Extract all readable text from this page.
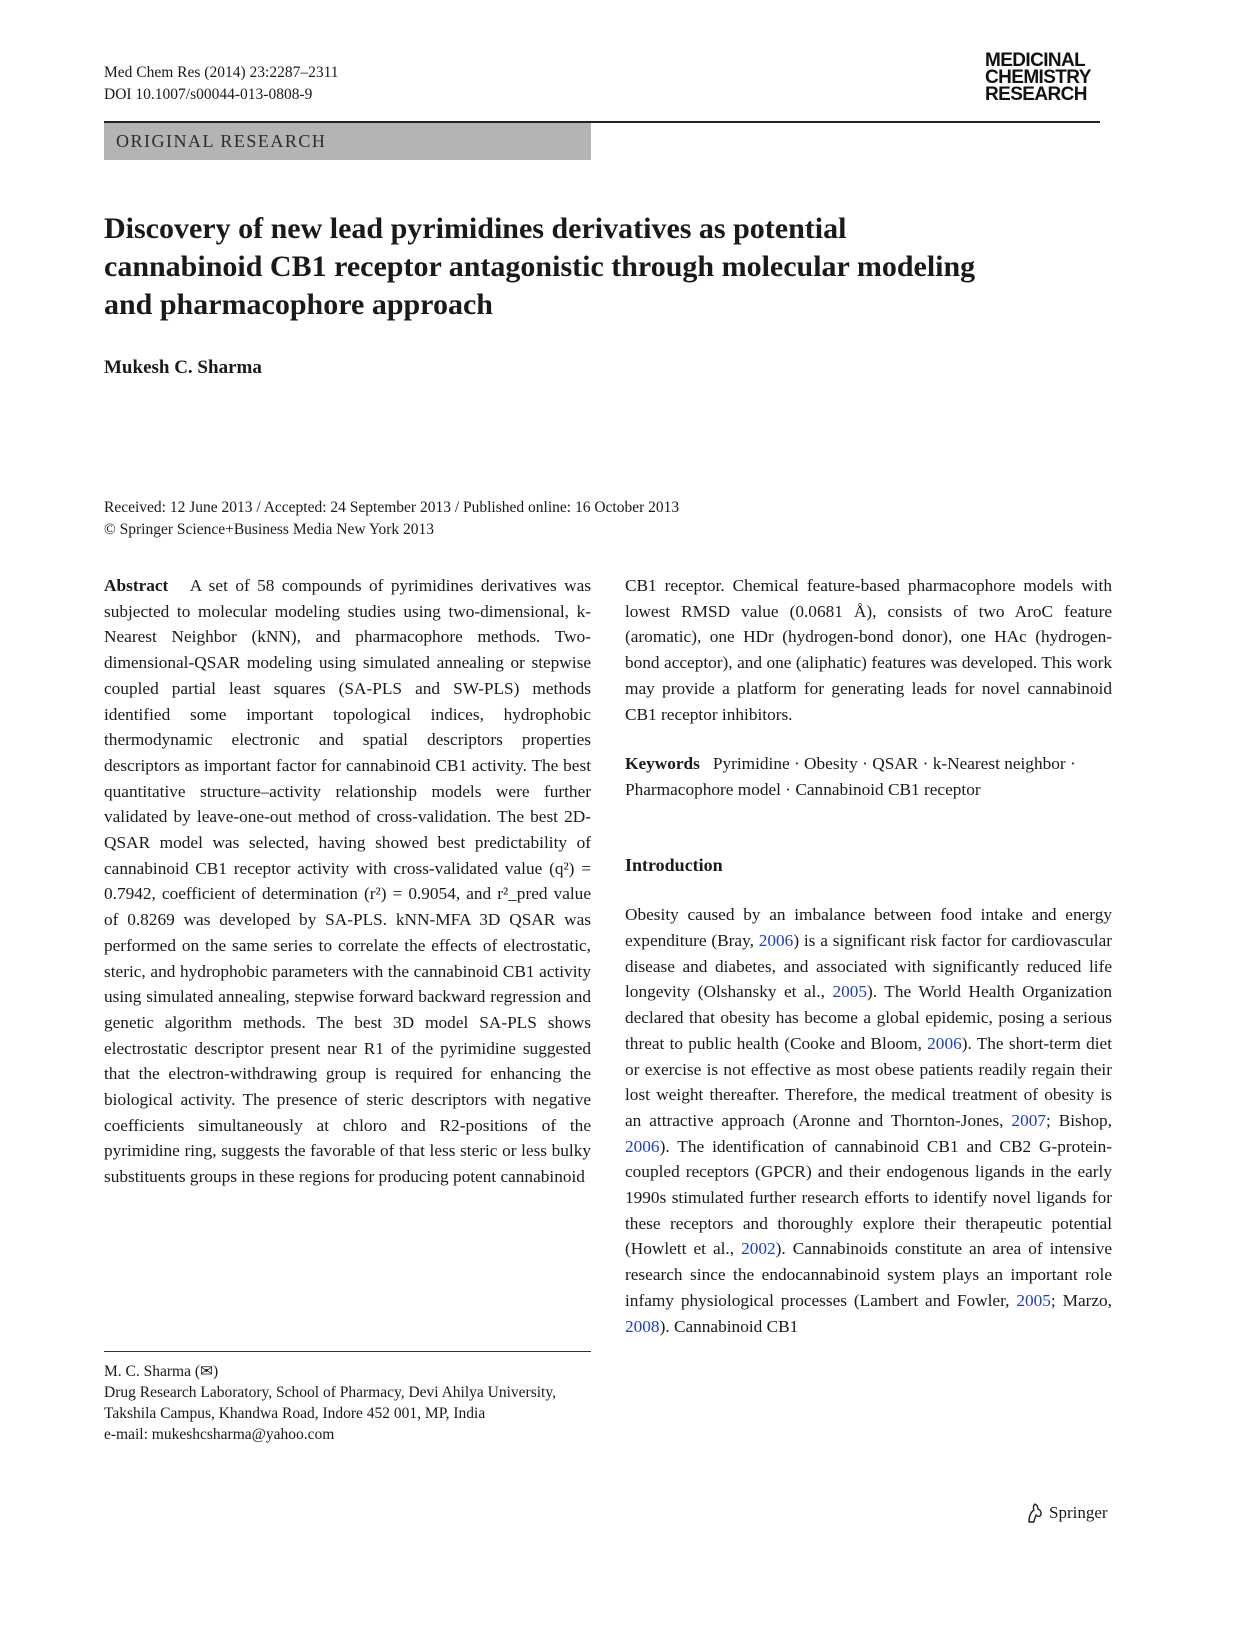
Med Chem Res (2014) 23:2287–2311
DOI 10.1007/s00044-013-0808-9
MEDICINAL
CHEMISTRY
RESEARCH
ORIGINAL RESEARCH
Discovery of new lead pyrimidines derivatives as potential cannabinoid CB1 receptor antagonistic through molecular modeling and pharmacophore approach
Mukesh C. Sharma
Received: 12 June 2013 / Accepted: 24 September 2013 / Published online: 16 October 2013
© Springer Science+Business Media New York 2013

Abstract A set of 58 compounds of pyrimidines derivatives was subjected to molecular modeling studies using two-dimensional, k-Nearest Neighbor (kNN), and pharmacophore methods. Two-dimensional-QSAR modeling using simulated annealing or stepwise coupled partial least squares (SA-PLS and SW-PLS) methods identified some important topological indices, hydrophobic thermodynamic electronic and spatial descriptors properties descriptors as important factor for cannabinoid CB1 activity. The best quantitative structure–activity relationship models were further validated by leave-one-out method of cross-validation. The best 2D-QSAR model was selected, having showed best predictability of cannabinoid CB1 receptor activity with cross-validated value (q²) = 0.7942, coefficient of determination (r²) = 0.9054, and r²_pred value of 0.8269 was developed by SA-PLS. kNN-MFA 3D QSAR was performed on the same series to correlate the effects of electrostatic, steric, and hydrophobic parameters with the cannabinoid CB1 activity using simulated annealing, stepwise forward backward regression and genetic algorithm methods. The best 3D model SA-PLS shows electrostatic descriptor present near R1 of the pyrimidine suggested that the electron-withdrawing group is required for enhancing the biological activity. The presence of steric descriptors with negative coefficients simultaneously at chloro and R2-positions of the pyrimidine ring, suggests the favorable of that less steric or less bulky substituents groups in these regions for producing potent cannabinoid

M. C. Sharma (✉)
Drug Research Laboratory, School of Pharmacy, Devi Ahilya University, Takshila Campus, Khandwa Road, Indore 452 001, MP, India
e-mail: mukeshcsharma@yahoo.com

CB1 receptor. Chemical feature-based pharmacophore models with lowest RMSD value (0.0681 Å), consists of two AroC feature (aromatic), one HDr (hydrogen-bond donor), one HAc (hydrogen-bond acceptor), and one (aliphatic) features was developed. This work may provide a platform for generating leads for novel cannabinoid CB1 receptor inhibitors.

Keywords Pyrimidine · Obesity · QSAR · k-Nearest neighbor · Pharmacophore model · Cannabinoid CB1 receptor

Introduction

Obesity caused by an imbalance between food intake and energy expenditure (Bray, 2006) is a significant risk factor for cardiovascular disease and diabetes, and associated with significantly reduced life longevity (Olshansky et al., 2005). The World Health Organization declared that obesity has become a global epidemic, posing a serious threat to public health (Cooke and Bloom, 2006). The short-term diet or exercise is not effective as most obese patients readily regain their lost weight thereafter. Therefore, the medical treatment of obesity is an attractive approach (Aronne and Thornton-Jones, 2007; Bishop, 2006). The identification of cannabinoid CB1 and CB2 G-protein-coupled receptors (GPCR) and their endogenous ligands in the early 1990s stimulated further research efforts to identify novel ligands for these receptors and thoroughly explore their therapeutic potential (Howlett et al., 2002). Cannabinoids constitute an area of intensive research since the endocannabinoid system plays an important role infamy physiological processes (Lambert and Fowler, 2005; Marzo, 2008). Cannabinoid CB1

Springer
